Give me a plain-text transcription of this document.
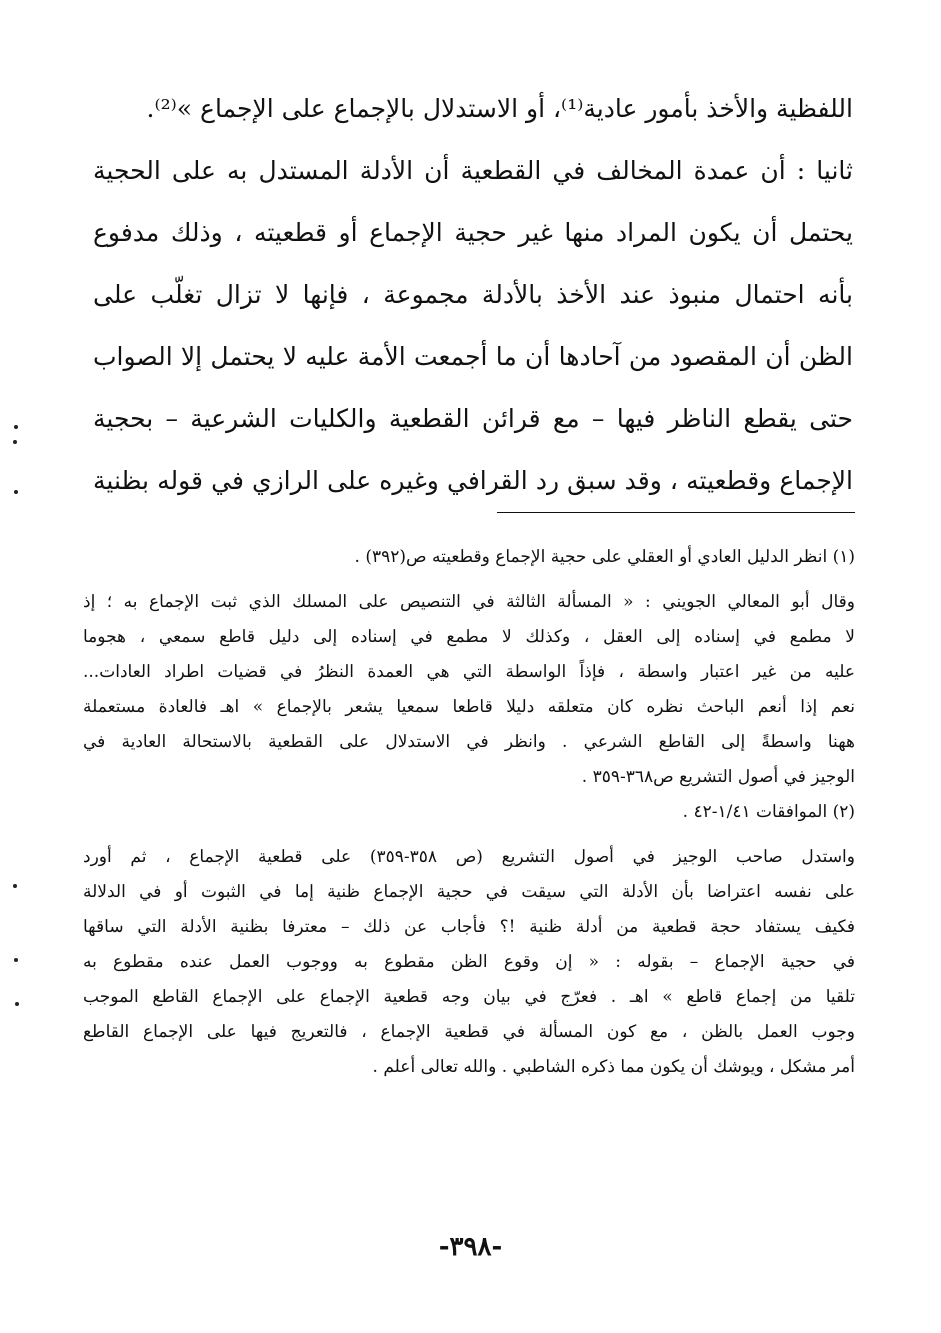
اللفظية والأخذ بأمور عادية⁽¹⁾، أو الاستدلال بالإجماع على الإجماع »⁽²⁾.
ثانيا : أن عمدة المخالف في القطعية أن الأدلة المستدل به على الحجية
يحتمل أن يكون المراد منها غير حجية الإجماع أو قطعيته ، وذلك مدفوع
بأنه احتمال منبوذ عند الأخذ بالأدلة مجموعة ، فإنها لا تزال تغلّب على
الظن أن المقصود من آحادها أن ما أجمعت الأمة عليه لا يحتمل إلا الصواب
حتى يقطع الناظر فيها – مع قرائن القطعية والكليات الشرعية – بحجية
الإجماع وقطعيته ، وقد سبق رد القرافي وغيره على الرازي في قوله بظنية
(١) انظر الدليل العادي أو العقلي على حجية الإجماع وقطعيته ص(٣٩٢) .
وقال أبو المعالي الجويني : « المسألة الثالثة في التنصيص على المسلك الذي ثبت الإجماع به ؛ إذ
لا مطمع في إسناده إلى العقل ، وكذلك لا مطمع في إسناده إلى دليل قاطع سمعي ، هجوما
عليه من غير اعتبار واسطة ، فإذاً الواسطة التي هي العمدة النظرُ في قضيات اطراد العادات...
نعم إذا أنعم الباحث نظره كان متعلقه دليلا قاطعا سمعيا يشعر بالإجماع » اهـ فالعادة مستعملة
ههنا واسطةً إلى القاطع الشرعي . وانظر في الاستدلال على القطعية بالاستحالة العادية في
الوجيز في أصول التشريع ص٣٦٨-٣٥٩ .
(٢) الموافقات ١/٤١-٤٢ .
واستدل صاحب الوجيز في أصول التشريع (ص ٣٥٨-٣٥٩) على قطعية الإجماع ، ثم أورد
على نفسه اعتراضا بأن الأدلة التي سيقت في حجية الإجماع ظنية إما في الثبوت أو في الدلالة
فكيف يستفاد حجة قطعية من أدلة ظنية !؟ فأجاب عن ذلك – معترفا بظنية الأدلة التي ساقها
في حجية الإجماع – بقوله : « إن وقوع الظن مقطوع به ووجوب العمل عنده مقطوع به
تلقيا من إجماع قاطع » اهـ . فعرّج في بيان وجه قطعية الإجماع على الإجماع القاطع الموجب
وجوب العمل بالظن ، مع كون المسألة في قطعية الإجماع ، فالتعريج فيها على الإجماع القاطع
أمر مشكل ، ويوشك أن يكون مما ذكره الشاطبي . والله تعالى أعلم .
-٣٩٨-
